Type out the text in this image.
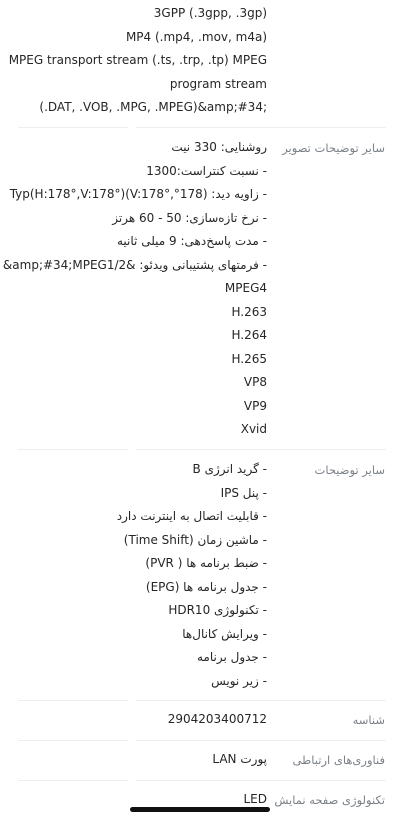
3GPP (.3gpp, .3gp)
MP4 (.mp4, .mov, m4a)
MPEG transport stream (.ts, .trp, .tp) MPEG
program stream
(.DAT, .VOB, .MPG, .MPEG)&amp;#34;
سایر توضیحات تصویر
روشنایی: 330 نیت
- نسبت کنتراست:1300
- زاویه دید: (178°,V:178°)Typ(H:178°,V:178°)
- نرخ تازه‌سازی: 50 - 60 هرتز
- مدت پاسخ‌دهی: 9 میلی ثانیه
- فرمتهای پشتیبانی ویدئو: &amp;#34;MPEG1/2&
MPEG4
H.263
H.264
H.265
VP8
VP9
Xvid
سایر توضیحات
- گرید انرژی B
- پنل IPS
- قابلیت اتصال به اینترنت دارد
- ماشین زمان (Time Shift)
- ضبط برنامه ها ( PVR)
- جدول برنامه ها (EPG)
- تکنولوژی HDR10
- ویرایش کانال‌ها
- جدول برنامه
- زیر نویس
شناسه
2904203400712
فناوری‌های ارتباطی
پورت LAN
تکنولوژی صفحه نمایش
LED
